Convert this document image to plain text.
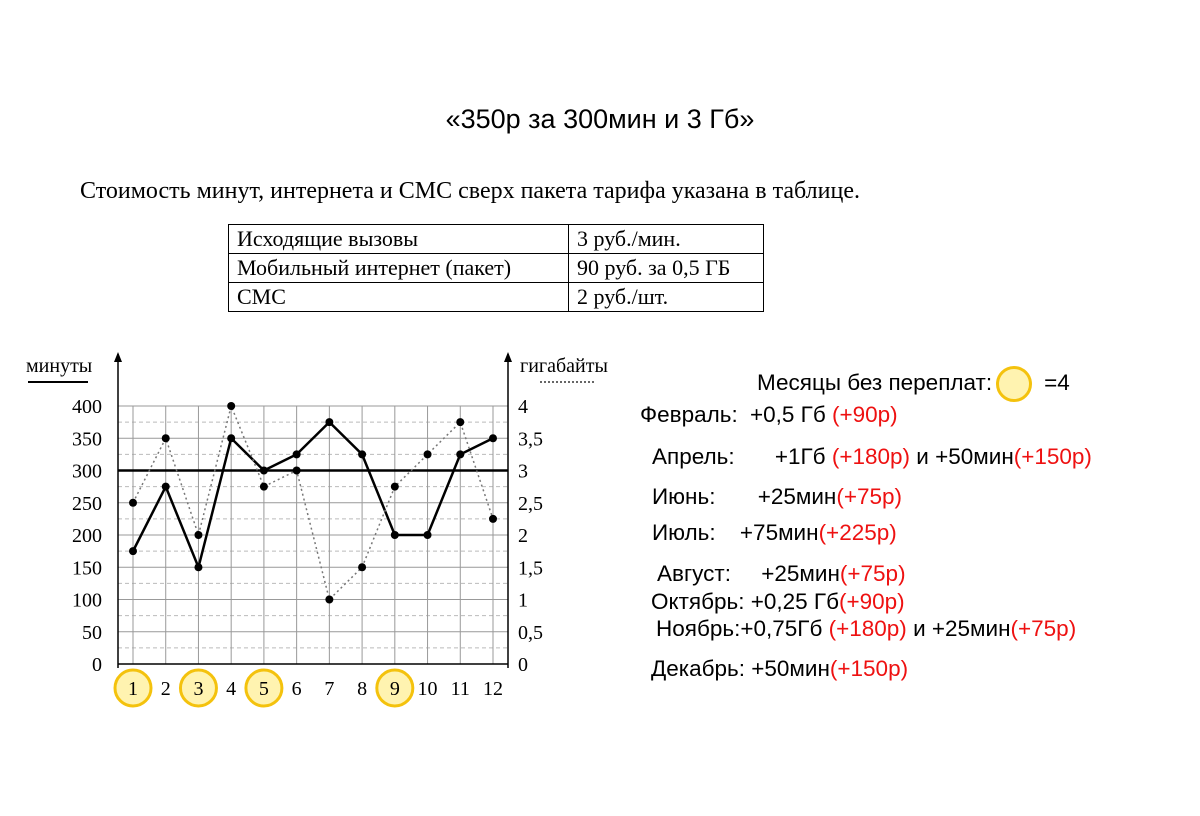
«350р за 300мин и 3 Гб»
Стоимость минут, интернета и СМС сверх пакета тарифа указана в таблице.
Исходящие вызовы	3 руб./мин.
Мобильный интернет (пакет)	90 руб. за 0,5 ГБ
СМС	2 руб./шт.
минуты	гигабайты
0
50
100
150
200
250
300
350
400
0
0,5
1
1,5
2
2,5
3
3,5
4
1 2 3 4 5 6 7 8 9 10 11 12
Месяцы без переплат: =4
Февраль: +0,5 Гб (+90р)
Апрель: +1Гб (+180р) и +50мин(+150р)
Июнь: +25мин(+75р)
Июль: +75мин(+225р)
Август: +25мин(+75р)
Октябрь: +0,25 Гб(+90р)
Ноябрь:+0,75Гб (+180р) и +25мин(+75р)
Декабрь: +50мин(+150р)
